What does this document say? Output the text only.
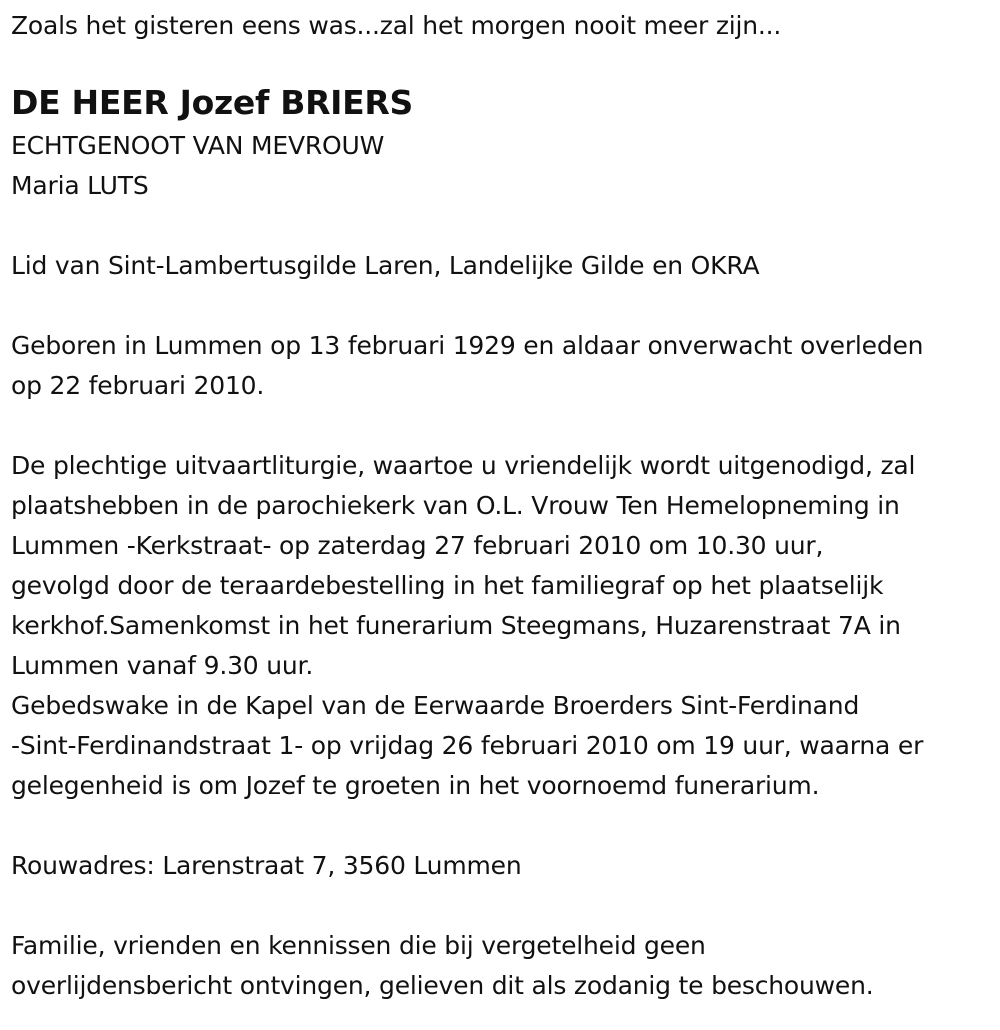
Zoals het gisteren eens was...zal het morgen nooit meer zijn...
DE HEER Jozef BRIERS
ECHTGENOOT VAN MEVROUW
Maria LUTS
Lid van Sint-Lambertusgilde Laren, Landelijke Gilde en OKRA
Geboren in Lummen op 13 februari 1929 en aldaar onverwacht overleden
op 22 februari 2010.
De plechtige uitvaartliturgie, waartoe u vriendelijk wordt uitgenodigd, zal
plaatshebben in de parochiekerk van O.L. Vrouw Ten Hemelopneming in
Lummen -Kerkstraat- op zaterdag 27 februari 2010 om 10.30 uur,
gevolgd door de teraardebestelling in het familiegraf op het plaatselijk
kerkhof.Samenkomst in het funerarium Steegmans, Huzarenstraat 7A in
Lummen vanaf 9.30 uur.
Gebedswake in de Kapel van de Eerwaarde Broerders Sint-Ferdinand
-Sint-Ferdinandstraat 1- op vrijdag 26 februari 2010 om 19 uur, waarna er
gelegenheid is om Jozef te groeten in het voornoemd funerarium.
Rouwadres: Larenstraat 7, 3560 Lummen
Familie, vrienden en kennissen die bij vergetelheid geen
overlijdensbericht ontvingen, gelieven dit als zodanig te beschouwen.
